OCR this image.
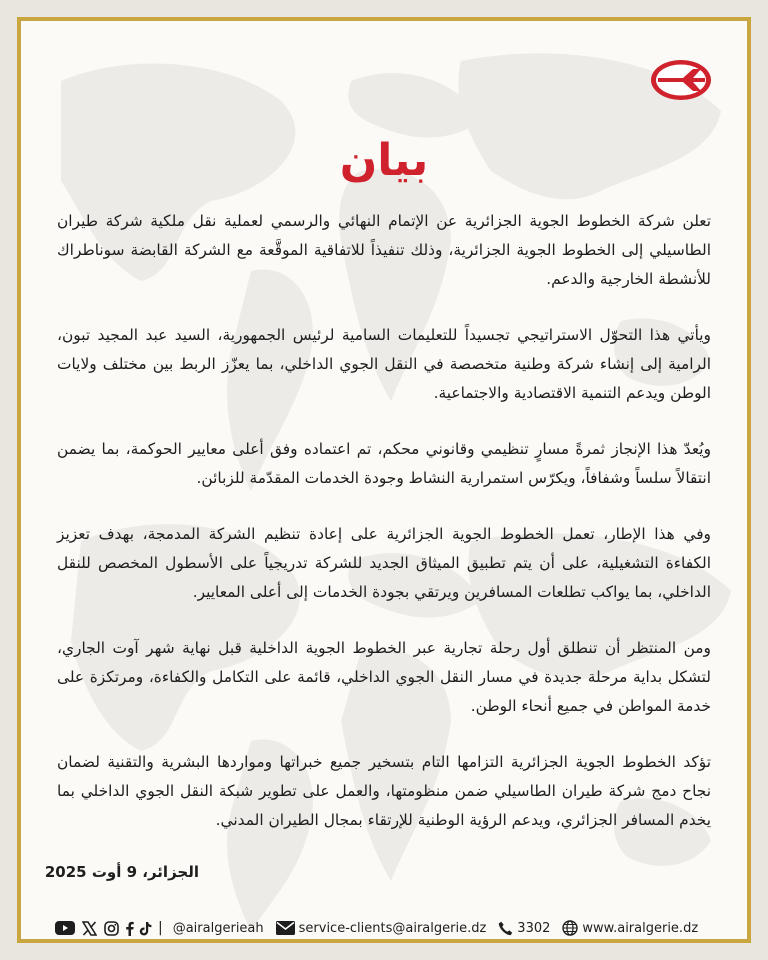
بيان

تعلن شركة الخطوط الجوية الجزائرية عن الإتمام النهائي والرسمي لعملية نقل ملكية شركة طيران الطاسيلي إلى الخطوط الجوية الجزائرية، وذلك تنفيذاً للاتفاقية الموقَّعة مع الشركة القابضة سوناطراك للأنشطة الخارجية والدعم.

ويأتي هذا التحوّل الاستراتيجي تجسيداً للتعليمات السامية لرئيس الجمهورية، السيد عبد المجيد تبون، الرامية إلى إنشاء شركة وطنية متخصصة في النقل الجوي الداخلي، بما يعزّز الربط بين مختلف ولايات الوطن ويدعم التنمية الاقتصادية والاجتماعية.

ويُعدّ هذا الإنجاز ثمرةً مسارٍ تنظيمي وقانوني محكم، تم اعتماده وفق أعلى معايير الحوكمة، بما يضمن انتقالاً سلساً وشفافاً، ويكرّس استمرارية النشاط وجودة الخدمات المقدّمة للزبائن.

وفي هذا الإطار، تعمل الخطوط الجوية الجزائرية على إعادة تنظيم الشركة المدمجة، بهدف تعزيز الكفاءة التشغيلية، على أن يتم تطبيق الميثاق الجديد للشركة تدريجياً على الأسطول المخصص للنقل الداخلي، بما يواكب تطلعات المسافرين ويرتقي بجودة الخدمات إلى أعلى المعايير.

ومن المنتظر أن تنطلق أول رحلة تجارية عبر الخطوط الجوية الداخلية قبل نهاية شهر آوت الجاري، لتشكل بداية مرحلة جديدة في مسار النقل الجوي الداخلي، قائمة على التكامل والكفاءة، ومرتكزة على خدمة المواطن في جميع أنحاء الوطن.

تؤكد الخطوط الجوية الجزائرية التزامها التام بتسخير جميع خبراتها ومواردها البشرية والتقنية لضمان نجاح دمج شركة طيران الطاسيلي ضمن منظومتها، والعمل على تطوير شبكة النقل الجوي الداخلي بما يخدم المسافر الجزائري، ويدعم الرؤية الوطنية للإرتقاء بمجال الطيران المدني.

الجزائر، 9 أوت 2025
| @airalgerieah	service-clients@airalgerie.dz 3302 www.airalgerie.dz
